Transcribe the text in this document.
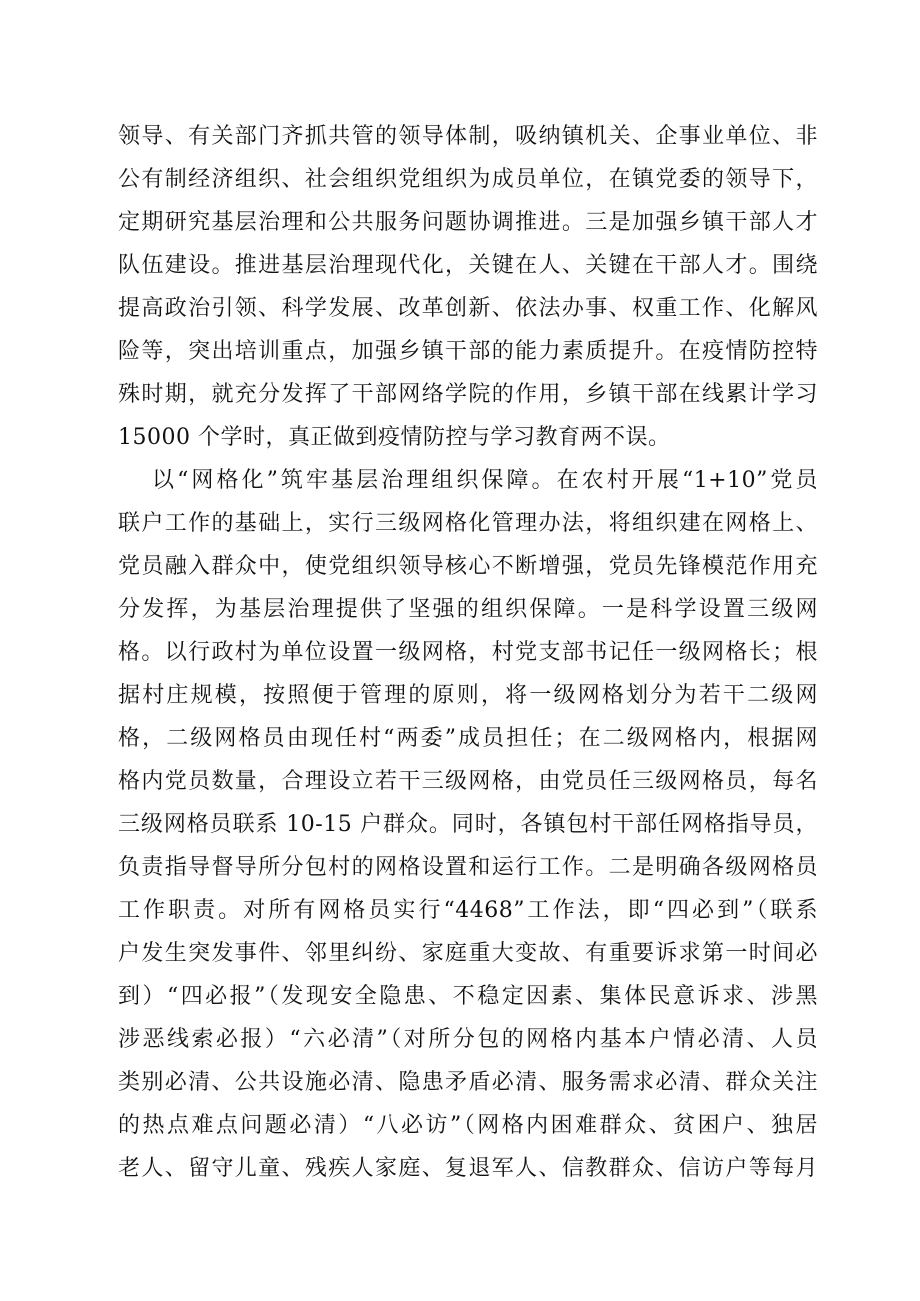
领导、有关部门齐抓共管的领导体制，吸纳镇机关、企事业单位、非
公有制经济组织、社会组织党组织为成员单位，在镇党委的领导下，
定期研究基层治理和公共服务问题协调推进。三是加强乡镇干部人才
队伍建设。推进基层治理现代化，关键在人、关键在干部人才。围绕
提高政治引领、科学发展、改革创新、依法办事、权重工作、化解风
险等，突出培训重点，加强乡镇干部的能力素质提升。在疫情防控特
殊时期，就充分发挥了干部网络学院的作用，乡镇干部在线累计学习
15000 个学时，真正做到疫情防控与学习教育两不误。
以“网格化”筑牢基层治理组织保障。在农村开展“1+10”党员
联户工作的基础上，实行三级网格化管理办法，将组织建在网格上、
党员融入群众中，使党组织领导核心不断增强，党员先锋模范作用充
分发挥，为基层治理提供了坚强的组织保障。一是科学设置三级网
格。以行政村为单位设置一级网格，村党支部书记任一级网格长；根
据村庄规模，按照便于管理的原则，将一级网格划分为若干二级网
格，二级网格员由现任村“两委”成员担任；在二级网格内，根据网
格内党员数量，合理设立若干三级网格，由党员任三级网格员，每名
三级网格员联系 10-15 户群众。同时，各镇包村干部任网格指导员，
负责指导督导所分包村的网格设置和运行工作。二是明确各级网格员
工作职责。对所有网格员实行“4468”工作法，即“四必到”（联系
户发生突发事件、邻里纠纷、家庭重大变故、有重要诉求第一时间必
到）“四必报”（发现安全隐患、不稳定因素、集体民意诉求、涉黑
涉恶线索必报）“六必清”（对所分包的网格内基本户情必清、人员
类别必清、公共设施必清、隐患矛盾必清、服务需求必清、群众关注
的热点难点问题必清）“八必访”（网格内困难群众、贫困户、独居
老人、留守儿童、残疾人家庭、复退军人、信教群众、信访户等每月
